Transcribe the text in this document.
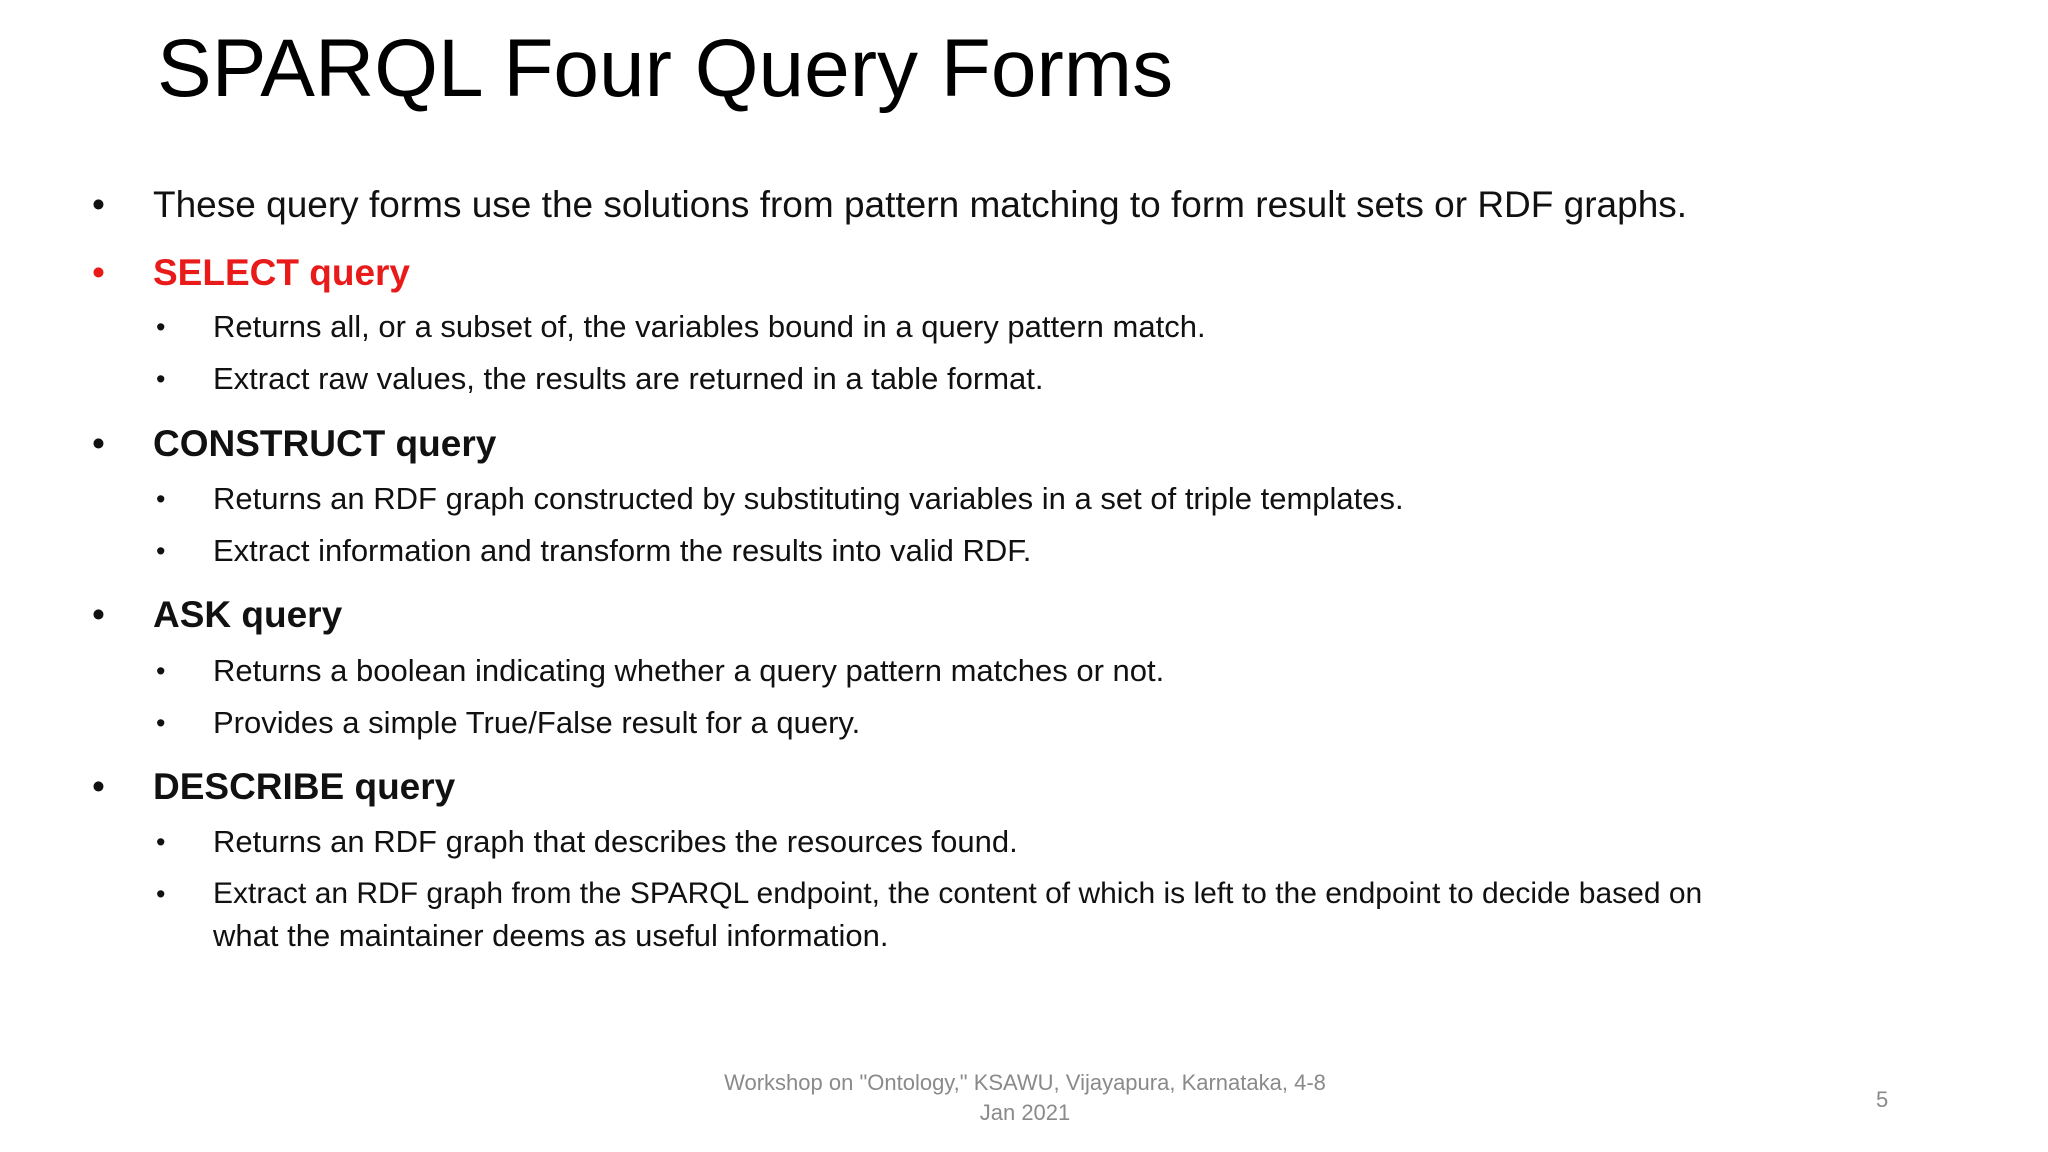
SPARQL Four Query Forms
• These query forms use the solutions from pattern matching to form result sets or RDF graphs.
• SELECT query
• Returns all, or a subset of, the variables bound in a query pattern match.
• Extract raw values, the results are returned in a table format.
• CONSTRUCT query
• Returns an RDF graph constructed by substituting variables in a set of triple templates.
• Extract information and transform the results into valid RDF.
• ASK query
• Returns a boolean indicating whether a query pattern matches or not.
• Provides a simple True/False result for a query.
• DESCRIBE query
• Returns an RDF graph that describes the resources found.
• Extract an RDF graph from the SPARQL endpoint, the content of which is left to the endpoint to decide based on
what the maintainer deems as useful information.
Workshop on "Ontology," KSAWU, Vijayapura, Karnataka, 4-8
Jan 2021
5
